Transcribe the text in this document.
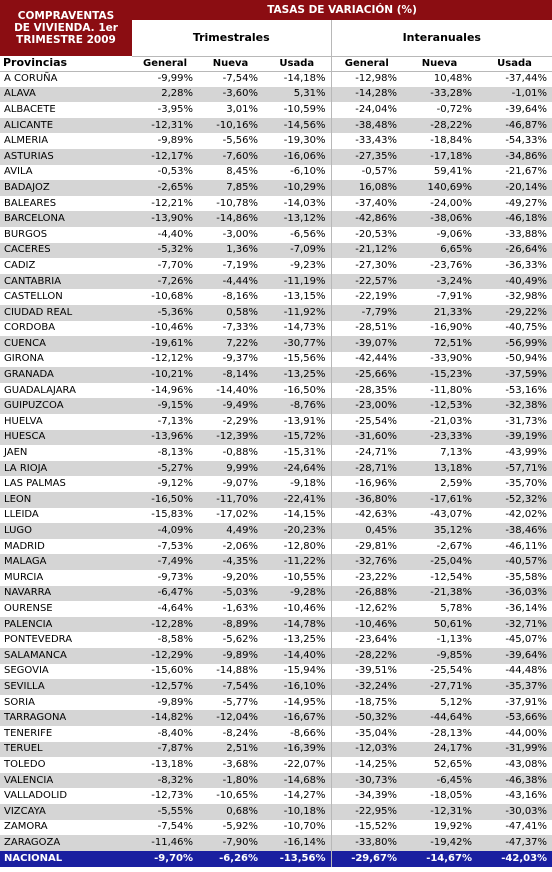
COMPRAVENTAS
DE VIVIENDA. 1er
TRIMESTRE 2009	TASAS DE VARIACIÓN (%)					
	Trimestrales			Interanuales		
Provincias	General	Nueva	Usada	General	Nueva	Usada
A CORUÑA	-9,99%	-7,54%	-14,18%	-12,98%	10,48%	-37,44%
ALAVA	2,28%	-3,60%	5,31%	-14,28%	-33,28%	-1,01%
ALBACETE	-3,95%	3,01%	-10,59%	-24,04%	-0,72%	-39,64%
ALICANTE	-12,31%	-10,16%	-14,56%	-38,48%	-28,22%	-46,87%
ALMERIA	-9,89%	-5,56%	-19,30%	-33,43%	-18,84%	-54,33%
ASTURIAS	-12,17%	-7,60%	-16,06%	-27,35%	-17,18%	-34,86%
AVILA	-0,53%	8,45%	-6,10%	-0,57%	59,41%	-21,67%
BADAJOZ	-2,65%	7,85%	-10,29%	16,08%	140,69%	-20,14%
BALEARES	-12,21%	-10,78%	-14,03%	-37,40%	-24,00%	-49,27%
BARCELONA	-13,90%	-14,86%	-13,12%	-42,86%	-38,06%	-46,18%
BURGOS	-4,40%	-3,00%	-6,56%	-20,53%	-9,06%	-33,88%
CACERES	-5,32%	1,36%	-7,09%	-21,12%	6,65%	-26,64%
CADIZ	-7,70%	-7,19%	-9,23%	-27,30%	-23,76%	-36,33%
CANTABRIA	-7,26%	-4,44%	-11,19%	-22,57%	-3,24%	-40,49%
CASTELLON	-10,68%	-8,16%	-13,15%	-22,19%	-7,91%	-32,98%
CIUDAD REAL	-5,36%	0,58%	-11,92%	-7,79%	21,33%	-29,22%
CORDOBA	-10,46%	-7,33%	-14,73%	-28,51%	-16,90%	-40,75%
CUENCA	-19,61%	7,22%	-30,77%	-39,07%	72,51%	-56,99%
GIRONA	-12,12%	-9,37%	-15,56%	-42,44%	-33,90%	-50,94%
GRANADA	-10,21%	-8,14%	-13,25%	-25,66%	-15,23%	-37,59%
GUADALAJARA	-14,96%	-14,40%	-16,50%	-28,35%	-11,80%	-53,16%
GUIPUZCOA	-9,15%	-9,49%	-8,76%	-23,00%	-12,53%	-32,38%
HUELVA	-7,13%	-2,29%	-13,91%	-25,54%	-21,03%	-31,73%
HUESCA	-13,96%	-12,39%	-15,72%	-31,60%	-23,33%	-39,19%
JAEN	-8,13%	-0,88%	-15,31%	-24,71%	7,13%	-43,99%
LA RIOJA	-5,27%	9,99%	-24,64%	-28,71%	13,18%	-57,71%
LAS PALMAS	-9,12%	-9,07%	-9,18%	-16,96%	2,59%	-35,70%
LEON	-16,50%	-11,70%	-22,41%	-36,80%	-17,61%	-52,32%
LLEIDA	-15,83%	-17,02%	-14,15%	-42,63%	-43,07%	-42,02%
LUGO	-4,09%	4,49%	-20,23%	0,45%	35,12%	-38,46%
MADRID	-7,53%	-2,06%	-12,80%	-29,81%	-2,67%	-46,11%
MALAGA	-7,49%	-4,35%	-11,22%	-32,76%	-25,04%	-40,57%
MURCIA	-9,73%	-9,20%	-10,55%	-23,22%	-12,54%	-35,58%
NAVARRA	-6,47%	-5,03%	-9,28%	-26,88%	-21,38%	-36,03%
OURENSE	-4,64%	-1,63%	-10,46%	-12,62%	5,78%	-36,14%
PALENCIA	-12,28%	-8,89%	-14,78%	-10,46%	50,61%	-32,71%
PONTEVEDRA	-8,58%	-5,62%	-13,25%	-23,64%	-1,13%	-45,07%
SALAMANCA	-12,29%	-9,89%	-14,40%	-28,22%	-9,85%	-39,64%
SEGOVIA	-15,60%	-14,88%	-15,94%	-39,51%	-25,54%	-44,48%
SEVILLA	-12,57%	-7,54%	-16,10%	-32,24%	-27,71%	-35,37%
SORIA	-9,89%	-5,77%	-14,95%	-18,75%	5,12%	-37,91%
TARRAGONA	-14,82%	-12,04%	-16,67%	-50,32%	-44,64%	-53,66%
TENERIFE	-8,40%	-8,24%	-8,66%	-35,04%	-28,13%	-44,00%
TERUEL	-7,87%	2,51%	-16,39%	-12,03%	24,17%	-31,99%
TOLEDO	-13,18%	-3,68%	-22,07%	-14,25%	52,65%	-43,08%
VALENCIA	-8,32%	-1,80%	-14,68%	-30,73%	-6,45%	-46,38%
VALLADOLID	-12,73%	-10,65%	-14,27%	-34,39%	-18,05%	-43,16%
VIZCAYA	-5,55%	0,68%	-10,18%	-22,95%	-12,31%	-30,03%
ZAMORA	-7,54%	-5,92%	-10,70%	-15,52%	19,92%	-47,41%
ZARAGOZA	-11,46%	-7,90%	-16,14%	-33,80%	-19,42%	-47,37%
NACIONAL	-9,70%	-6,26%	-13,56%	-29,67%	-14,67%	-42,03%
